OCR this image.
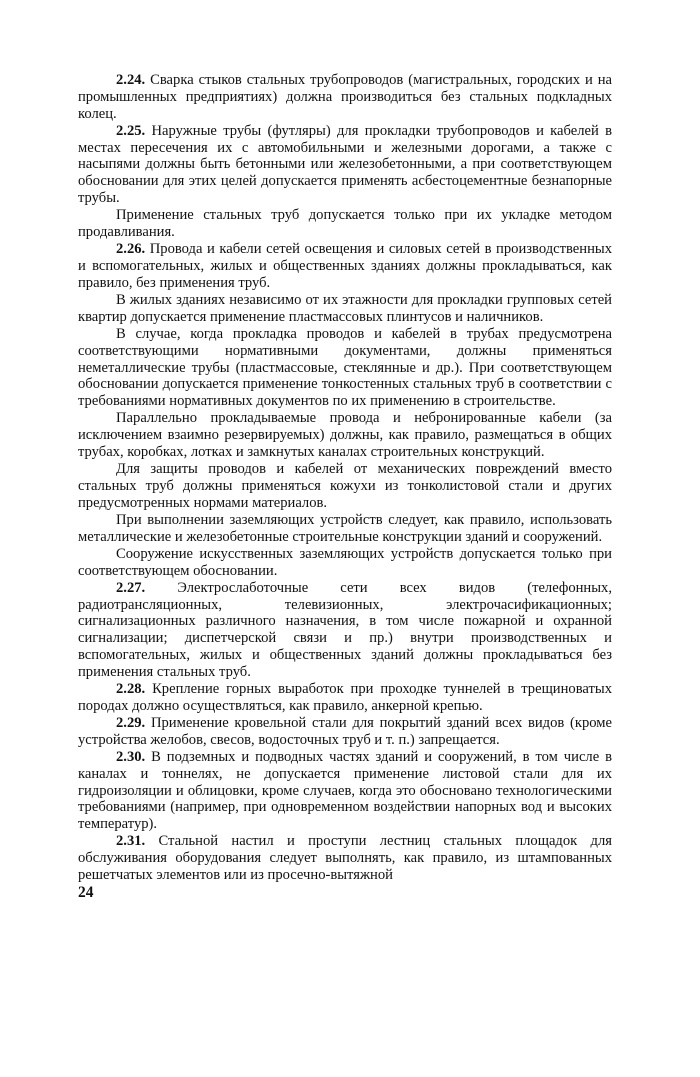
2.24. Сварка стыков стальных трубопроводов (магистральных, городских и на промышленных предприятиях) должна производиться без стальных подкладных колец.

2.25. Наружные трубы (футляры) для прокладки трубопроводов и кабелей в местах пересечения их с автомобильными и железными дорогами, а также с насыпями должны быть бетонными или железобетонными, а при соответствующем обосновании для этих целей допускается применять асбестоцементные безнапорные трубы.

Применение стальных труб допускается только при их укладке методом продавливания.

2.26. Провода и кабели сетей освещения и силовых сетей в производственных и вспомогательных, жилых и общественных зданиях должны прокладываться, как правило, без применения труб.

В жилых зданиях независимо от их этажности для прокладки групповых сетей квартир допускается применение пластмассовых плинтусов и наличников.

В случае, когда прокладка проводов и кабелей в трубах предусмотрена соответствующими нормативными документами, должны применяться неметаллические трубы (пластмассовые, стеклянные и др.). При соответствующем обосновании допускается применение тонкостенных стальных труб в соответствии с требованиями нормативных документов по их применению в строительстве.

Параллельно прокладываемые провода и небронированные кабели (за исключением взаимно резервируемых) должны, как правило, размещаться в общих трубах, коробках, лотках и замкнутых каналах строительных конструкций.

Для защиты проводов и кабелей от механических повреждений вместо стальных труб должны применяться кожухи из тонколистовой стали и других предусмотренных нормами материалов.

При выполнении заземляющих устройств следует, как правило, использовать металлические и железобетонные строительные конструкции зданий и сооружений.

Сооружение искусственных заземляющих устройств допускается только при соответствующем обосновании.

2.27. Электрослаботочные сети всех видов (телефонных, радиотрансляционных, телевизионных, электрочасификационных; сигнализационных различного назначения, в том числе пожарной и охранной сигнализации; диспетчерской связи и пр.) внутри производственных и вспомогательных, жилых и общественных зданий должны прокладываться без применения стальных труб.

2.28. Крепление горных выработок при проходке туннелей в трещиноватых породах должно осуществляться, как правило, анкерной крепью.

2.29. Применение кровельной стали для покрытий зданий всех видов (кроме устройства желобов, свесов, водосточных труб и т. п.) запрещается.

2.30. В подземных и подводных частях зданий и сооружений, в том числе в каналах и тоннелях, не допускается применение листовой стали для их гидроизоляции и облицовки, кроме случаев, когда это обосновано технологическими требованиями (например, при одновременном воздействии напорных вод и высоких температур).

2.31. Стальной настил и проступи лестниц стальных площадок для обслуживания оборудования следует выполнять, как правило, из штампованных решетчатых элементов или из просечно-вытяжной

24
